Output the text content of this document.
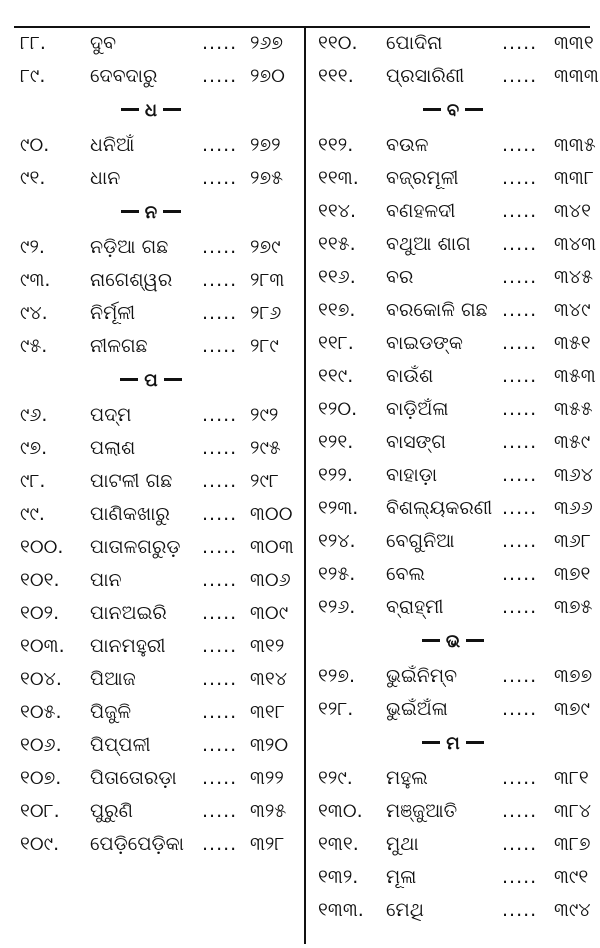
୮୮. ଦୁବ	..... ୨୬୭
୮୯. ଦେବଦାରୁ ..... ୨୭୦
ଧ
୯୦. ଧନିଆଁ	..... ୨୭୨
୯୧. ଧାନ	..... ୨୭୫
ନ
୯୨. ନଡ଼ିଆ ଗଛ ..... ୨୭୯
୯୩. ନାଗେଶ୍ୱର ..... ୨୮୩
୯୪. ନିର୍ମୂଳୀ	..... ୨୮୬
୯୫. ନୀଳଗଛ	..... ୨୮୯
ପ
୯୬. ପଦ୍ମ	..... ୨୯୨
୯୭. ପଲାଶ	..... ୨୯୫
୯୮. ପାଟଳୀ ଗଛ ..... ୨୯୮
୯୯. ପାଣିକଖାରୁ ..... ୩୦୦
୧୦୦. ପାତାଳଗରୁଡ଼ ..... ୩୦୩
୧୦୧. ପାନ	..... ୩୦୬
୧୦୨. ପାନଅଇରି ..... ୩୦୯
୧୦୩. ପାନମହୁରୀ ..... ୩୧୨
୧୦୪. ପିଆଜ	..... ୩୧୪
୧୦୫. ପିଜୁଳି	..... ୩୧୮
୧୦୬. ପିପ୍ପଳୀ	..... ୩୨୦
୧୦୭. ପିତାତୋରଡ଼ା ..... ୩୨୨
୧୦୮. ପୁରୁଣି	..... ୩୨୫
୧୦୯. ପେଡ଼ିପେଡ଼ିକା ..... ୩୨୮
୧୧୦. ପୋଦିନା	..... ୩୩୧
୧୧୧. ପ୍ରସାରିଣୀ ..... ୩୩୩
ବ
୧୧୨. ବଉଳ	..... ୩୩୫
୧୧୩. ବଜ୍ରମୂଳୀ ..... ୩୩୮
୧୧୪. ବଣହଳଦୀ ..... ୩୪୧
୧୧୫. ବଥୁଆ ଶାଗ ..... ୩୪୩
୧୧୬. ବର	..... ୩୪୫
୧୧୭. ବରକୋଳି ଗଛ ..... ୩୪୯
୧୧୮. ବାଇଡଙ୍କ ..... ୩୫୧
୧୧୯. ବାଉଁଶ	..... ୩୫୩
୧୨୦. ବାଡ଼ିଅଁଳା	..... ୩୫୫
୧୨୧. ବାସଙ୍ଗ	..... ୩୫୯
୧୨୨. ବାହାଡ଼ା	..... ୩୬୪
୧୨୩. ବିଶଲ୍ୟକରଣୀ ..... ୩୬୬
୧୨୪. ବେଗୁନିଆ ..... ୩୬୮
୧୨୫. ବେଲ	..... ୩୭୧
୧୨୬. ବ୍ରାହ୍ମୀ	..... ୩୭୫
ଭ
୧୨୭. ଭୁଇଁନିମ୍ବ ..... ୩୭୭
୧୨୮. ଭୁଇଁଅଁଳା	..... ୩୭୯
ମ
୧୨୯. ମହୁଲ	..... ୩୮୧
୧୩୦. ମଞ୍ଜୁଆତି ..... ୩୮୪
୧୩୧. ମୁଥା	..... ୩୮୭
୧୩୨. ମୂଳା	..... ୩୯୧
୧୩୩. ମେଥି	..... ୩୯୪
